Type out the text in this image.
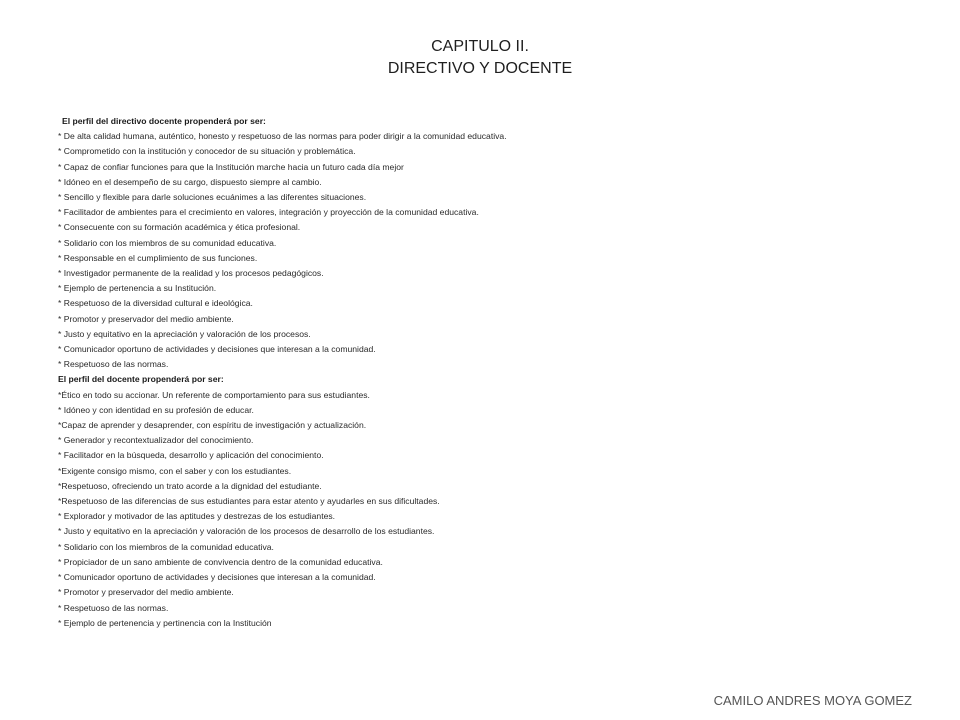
CAPITULO II.
DIRECTIVO Y DOCENTE
El perfil del directivo docente propenderá por ser:
* De alta calidad humana, auténtico, honesto y respetuoso de las normas para poder dirigir a la comunidad educativa.
* Comprometido con la institución y conocedor de su situación y problemática.
* Capaz de confiar funciones para que la Institución marche hacia un futuro cada día mejor
* Idóneo en el desempeño de su cargo, dispuesto siempre al cambio.
* Sencillo y flexible para darle soluciones ecuánimes a las diferentes situaciones.
* Facilitador de ambientes para el crecimiento en valores, integración y proyección de la comunidad educativa.
* Consecuente con su formación académica y ética profesional.
* Solidario con los miembros de su comunidad educativa.
* Responsable en el cumplimiento de sus funciones.
* Investigador permanente de la realidad y los procesos pedagógicos.
* Ejemplo de pertenencia a su Institución.
* Respetuoso de la diversidad cultural e ideológica.
* Promotor y preservador del medio ambiente.
* Justo y equitativo en la apreciación y valoración de los procesos.
* Comunicador oportuno de actividades y decisiones que interesan a la comunidad.
* Respetuoso de las normas.
El perfil del docente propenderá por ser:
*Ético en todo su accionar. Un referente de comportamiento para sus estudiantes.
* Idóneo y con identidad en su profesión de educar.
*Capaz de aprender y desaprender, con espíritu de investigación y actualización.
* Generador y recontextualizador del conocimiento.
* Facilitador en la búsqueda, desarrollo y aplicación del conocimiento.
*Exigente consigo mismo, con el saber y con los estudiantes.
*Respetuoso, ofreciendo un trato acorde a la dignidad del estudiante.
*Respetuoso de las diferencias de sus estudiantes para estar atento y ayudarles en sus dificultades.
* Explorador y motivador de las aptitudes y destrezas de los estudiantes.
* Justo y equitativo en la apreciación y valoración de los procesos de desarrollo de los estudiantes.
* Solidario con los miembros de la comunidad educativa.
* Propiciador de un sano ambiente de convivencia dentro de la comunidad educativa.
* Comunicador oportuno de actividades y decisiones que interesan a la comunidad.
* Promotor y preservador del medio ambiente.
* Respetuoso de las normas.
* Ejemplo de pertenencia y pertinencia con la Institución
CAMILO ANDRES MOYA GOMEZ
